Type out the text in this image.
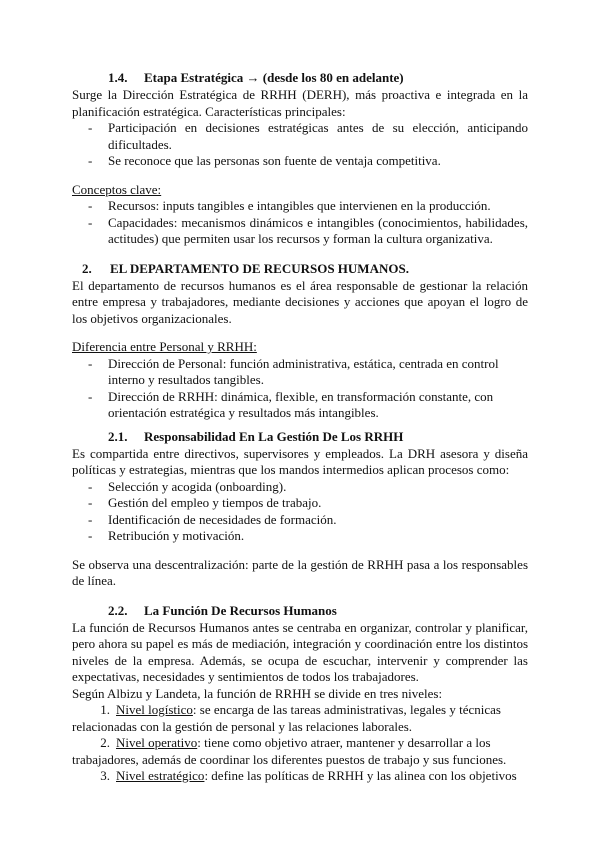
1.4. Etapa Estratégica → (desde los 80 en adelante)

Surge la Dirección Estratégica de RRHH (DERH), más proactiva e integrada en la planificación estratégica. Características principales:

- Participación en decisiones estratégicas antes de su elección, anticipando dificultades.
- Se reconoce que las personas son fuente de ventaja competitiva.

Conceptos clave:

- Recursos: inputs tangibles e intangibles que intervienen en la producción.
- Capacidades: mecanismos dinámicos e intangibles (conocimientos, habilidades, actitudes) que permiten usar los recursos y forman la cultura organizativa.
2. EL DEPARTAMENTO DE RECURSOS HUMANOS.

El departamento de recursos humanos es el área responsable de gestionar la relación entre empresa y trabajadores, mediante decisiones y acciones que apoyan el logro de los objetivos organizacionales.

Diferencia entre Personal y RRHH:

- Dirección de Personal: función administrativa, estática, centrada en control interno y resultados tangibles.
- Dirección de RRHH: dinámica, flexible, en transformación constante, con orientación estratégica y resultados más intangibles.
2.1. Responsabilidad En La Gestión De Los RRHH

Es compartida entre directivos, supervisores y empleados. La DRH asesora y diseña políticas y estrategias, mientras que los mandos intermedios aplican procesos como:

- Selección y acogida (onboarding).
- Gestión del empleo y tiempos de trabajo.
- Identificación de necesidades de formación.
- Retribución y motivación.

Se observa una descentralización: parte de la gestión de RRHH pasa a los responsables de línea.

2.2. La Función De Recursos Humanos

La función de Recursos Humanos antes se centraba en organizar, controlar y planificar, pero ahora su papel es más de mediación, integración y coordinación entre los distintos niveles de la empresa. Además, se ocupa de escuchar, intervenir y comprender las expectativas, necesidades y sentimientos de todos los trabajadores.

Según Albizu y Landeta, la función de RRHH se divide en tres niveles:

1. Nivel logístico: se encarga de las tareas administrativas, legales y técnicas relacionadas con la gestión de personal y las relaciones laborales.
2. Nivel operativo: tiene como objetivo atraer, mantener y desarrollar a los trabajadores, además de coordinar los diferentes puestos de trabajo y sus funciones.
3. Nivel estratégico: define las políticas de RRHH y las alinea con los objetivos
